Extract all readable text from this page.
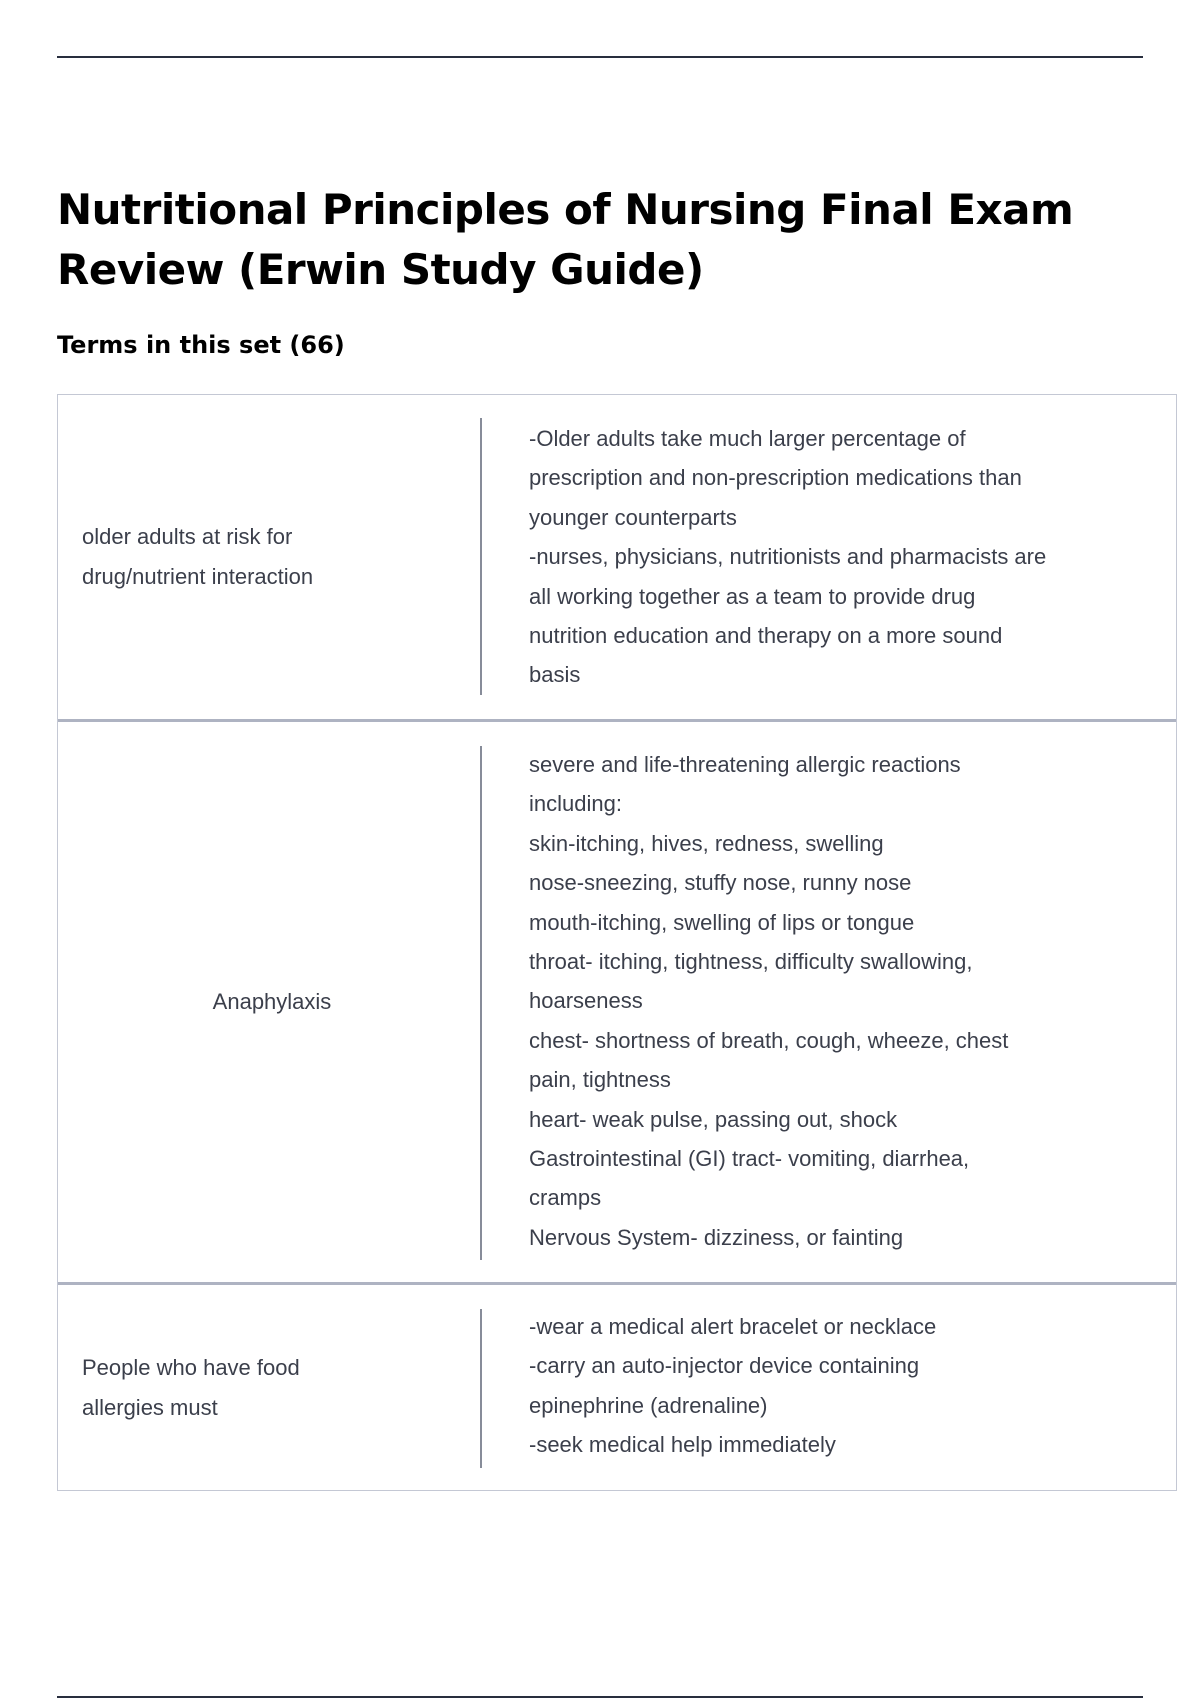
Nutritional Principles of Nursing Final Exam Review (Erwin Study Guide)
Terms in this set (66)
older adults at risk for drug/nutrient interaction
-Older adults take much larger percentage of
prescription and non-prescription medications than
younger counterparts
-nurses, physicians, nutritionists and pharmacists are
all working together as a team to provide drug
nutrition education and therapy on a more sound
basis
Anaphylaxis
severe and life-threatening allergic reactions
including:
skin-itching, hives, redness, swelling
nose-sneezing, stuffy nose, runny nose
mouth-itching, swelling of lips or tongue
throat- itching, tightness, difficulty swallowing,
hoarseness
chest- shortness of breath, cough, wheeze, chest
pain, tightness
heart- weak pulse, passing out, shock
Gastrointestinal (GI) tract- vomiting, diarrhea,
cramps
Nervous System- dizziness, or fainting
People who have food allergies must
-wear a medical alert bracelet or necklace
-carry an auto-injector device containing
epinephrine (adrenaline)
-seek medical help immediately
